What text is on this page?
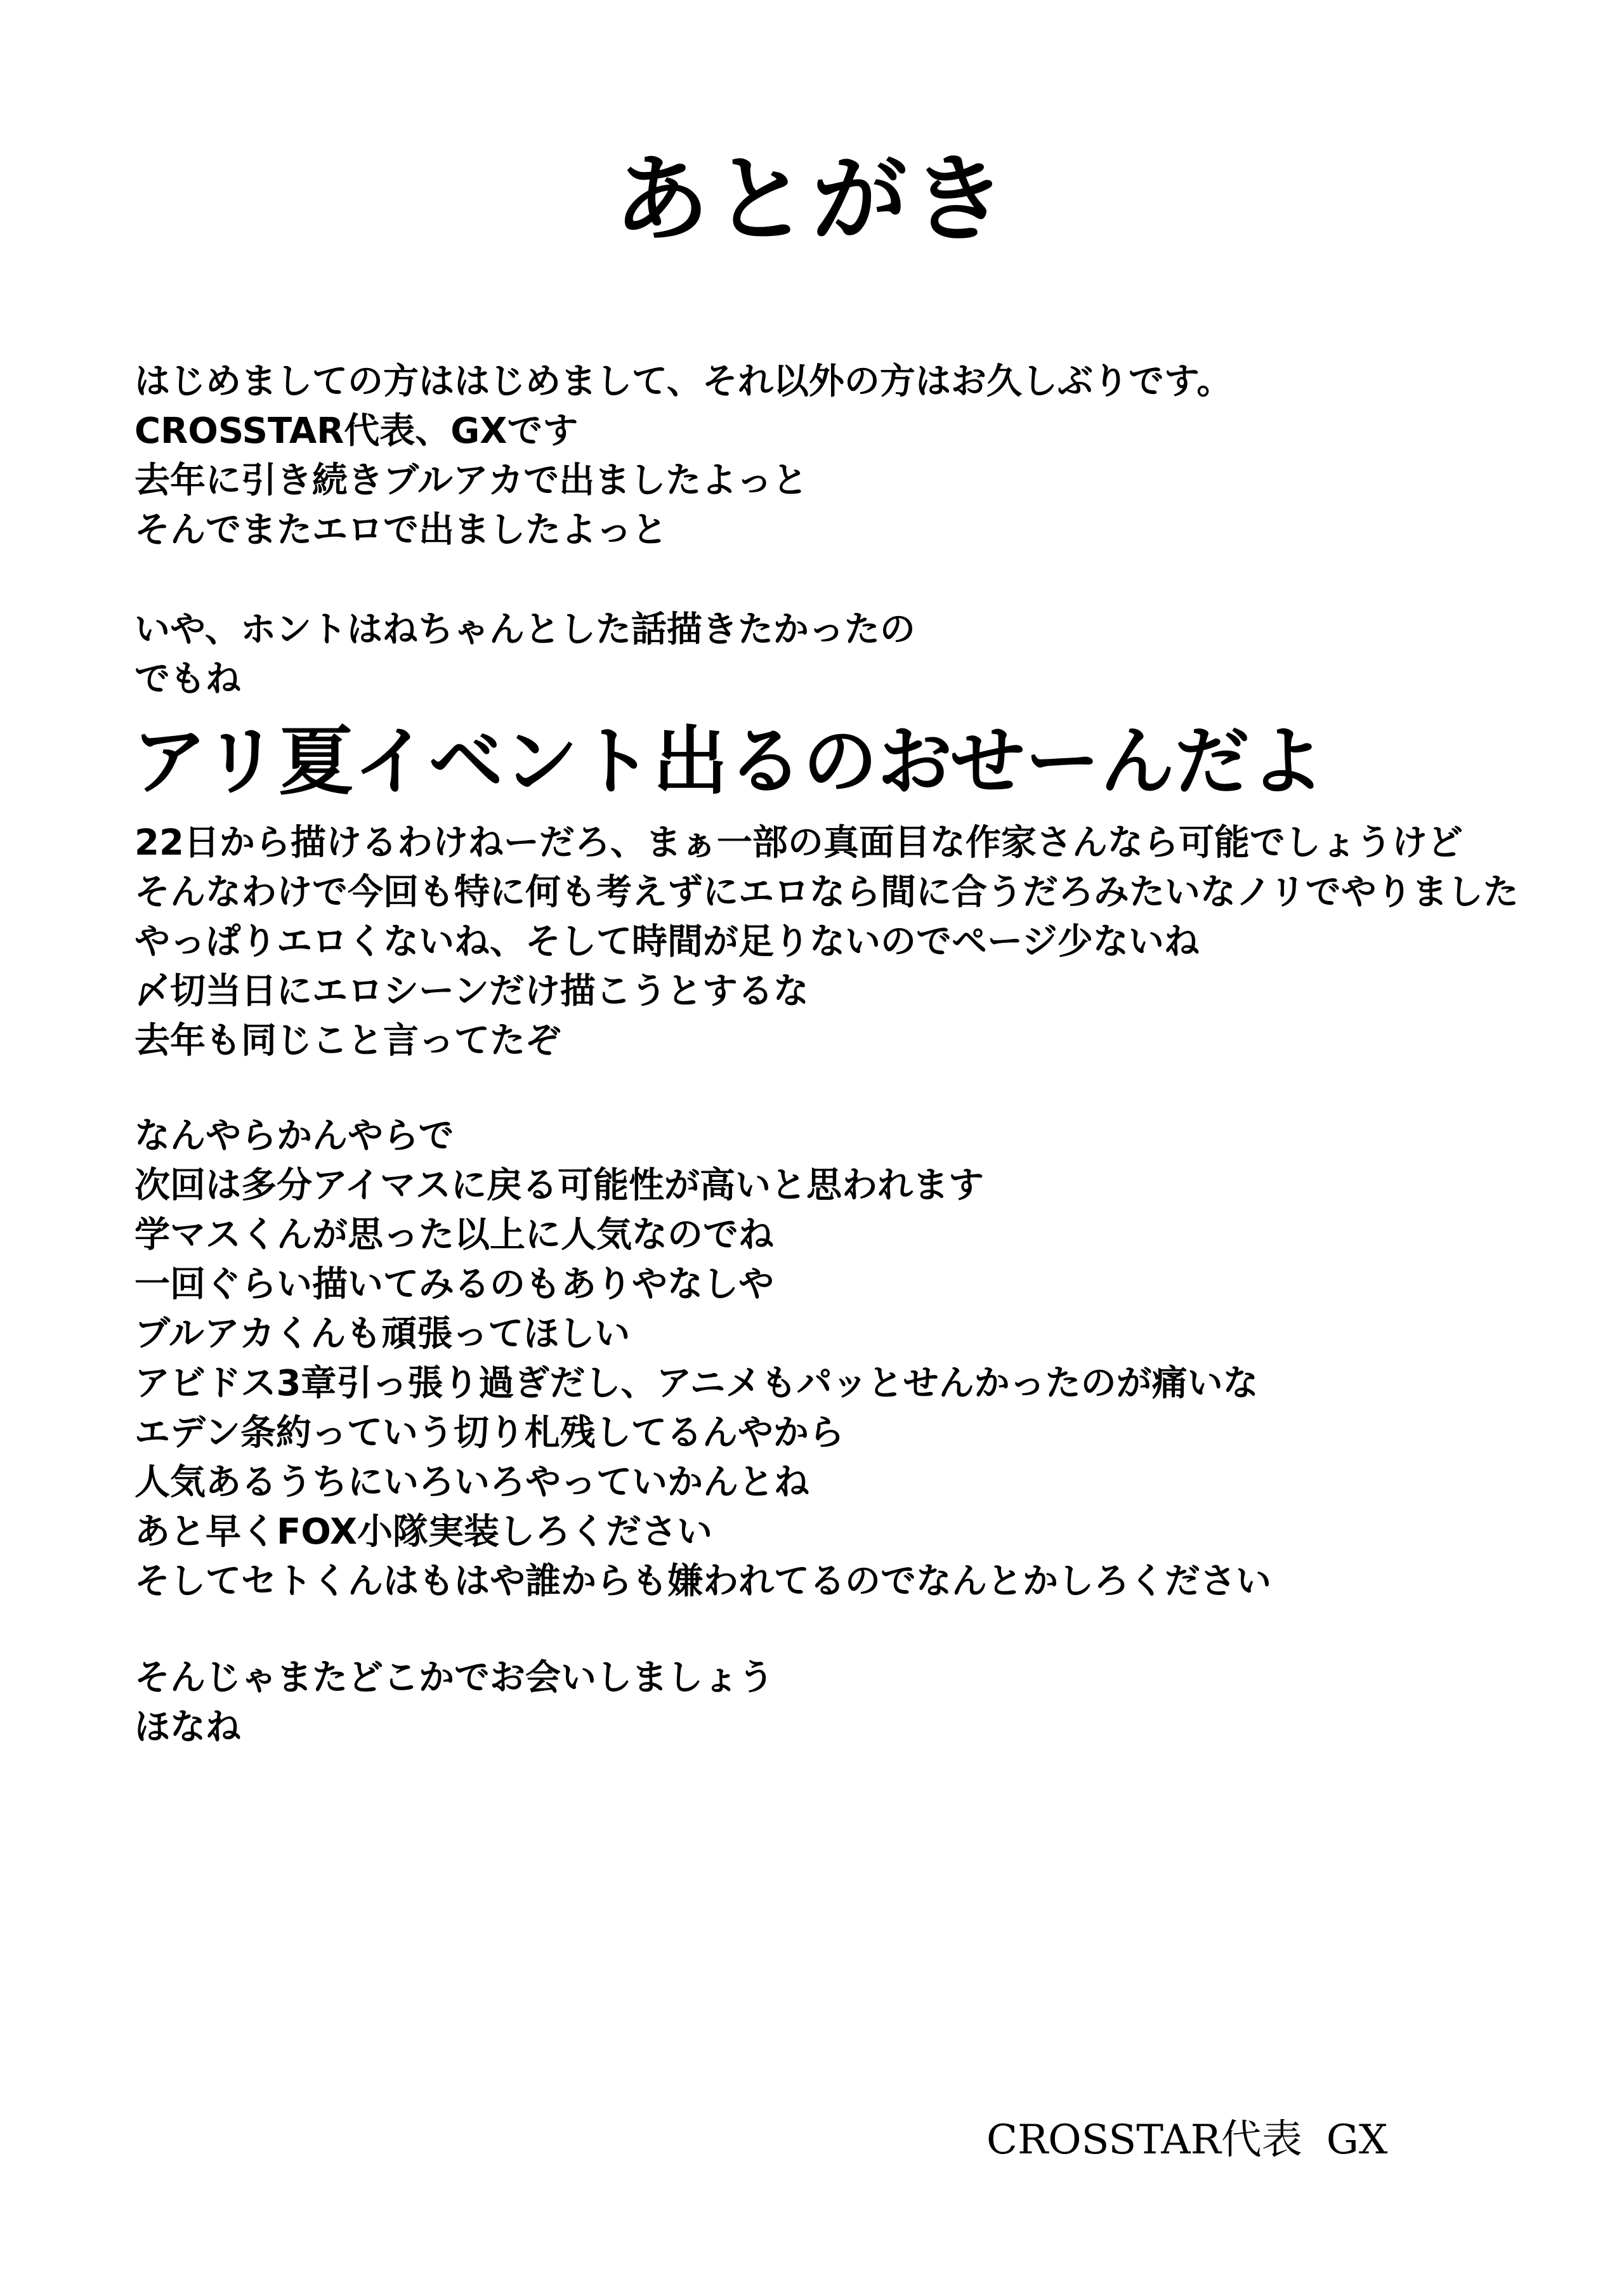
あとがき
はじめましての方ははじめまして、それ以外の方はお久しぶりです。
CROSSTAR代表、GXです
去年に引き続きブルアカで出ましたよっと
そんでまたエロで出ましたよっと
いや、ホントはねちゃんとした話描きたかったの
でもね
アリ夏イベント出るのおせーんだよ
22日から描けるわけねーだろ、まぁ一部の真面目な作家さんなら可能でしょうけど
そんなわけで今回も特に何も考えずにエロなら間に合うだろみたいなノリでやりました
やっぱりエロくないね、そして時間が足りないのでページ少ないね
〆切当日にエロシーンだけ描こうとするな
去年も同じこと言ってたぞ
なんやらかんやらで
次回は多分アイマスに戻る可能性が高いと思われます
学マスくんが思った以上に人気なのでね
一回ぐらい描いてみるのもありやなしや
ブルアカくんも頑張ってほしい
アビドス3章引っ張り過ぎだし、アニメもパッとせんかったのが痛いな
エデン条約っていう切り札残してるんやから
人気あるうちにいろいろやっていかんとね
あと早くFOX小隊実装しろください
そしてセトくんはもはや誰からも嫌われてるのでなんとかしろください
そんじゃまたどこかでお会いしましょう
ほなね
CROSSTAR代表 GX
